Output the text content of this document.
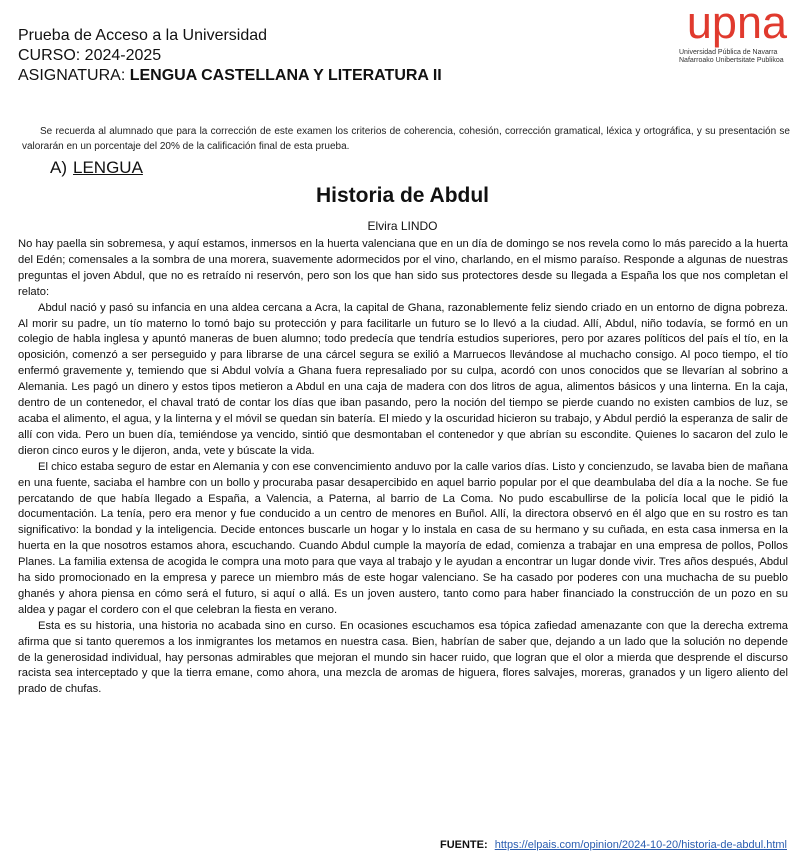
Prueba de Acceso a la Universidad
CURSO: 2024-2025
ASIGNATURA: LENGUA CASTELLANA Y LITERATURA II
upna
Universidad Pública de Navarra
Nafarroako Unibertsitate Publikoa
Se recuerda al alumnado que para la corrección de este examen los criterios de coherencia, cohesión, corrección gramatical, léxica y ortográfica, y su presentación se valorarán en un porcentaje del 20% de la calificación final de esta prueba.
A) LENGUA
Historia de Abdul
Elvira LINDO

No hay paella sin sobremesa, y aquí estamos, inmersos en la huerta valenciana que en un día de domingo se nos revela como lo más parecido a la huerta del Edén; comensales a la sombra de una morera, suavemente adormecidos por el vino, charlando, en el mismo paraíso. Responde a algunas de nuestras preguntas el joven Abdul, que no es retraído ni reservón, pero son los que han sido sus protectores desde su llegada a España los que nos completan el relato:

Abdul nació y pasó su infancia en una aldea cercana a Acra, la capital de Ghana, razonablemente feliz siendo criado en un entorno de digna pobreza. Al morir su padre, un tío materno lo tomó bajo su protección y para facilitarle un futuro se lo llevó a la ciudad. Allí, Abdul, niño todavía, se formó en un colegio de habla inglesa y apuntó maneras de buen alumno; todo predecía que tendría estudios superiores, pero por azares políticos del país el tío, en la oposición, comenzó a ser perseguido y para librarse de una cárcel segura se exilió a Marruecos llevándose al muchacho consigo. Al poco tiempo, el tío enfermó gravemente y, temiendo que si Abdul volvía a Ghana fuera represaliado por su culpa, acordó con unos conocidos que se llevarían al sobrino a Alemania. Les pagó un dinero y estos tipos metieron a Abdul en una caja de madera con dos litros de agua, alimentos básicos y una linterna. En la caja, dentro de un contenedor, el chaval trató de contar los días que iban pasando, pero la noción del tiempo se pierde cuando no existen cambios de luz, se acaba el alimento, el agua, y la linterna y el móvil se quedan sin batería. El miedo y la oscuridad hicieron su trabajo, y Abdul perdió la esperanza de salir de allí con vida. Pero un buen día, temiéndose ya vencido, sintió que desmontaban el contenedor y que abrían su escondite. Quienes lo sacaron del zulo le dieron cinco euros y le dijeron, anda, vete y búscate la vida.

El chico estaba seguro de estar en Alemania y con ese convencimiento anduvo por la calle varios días. Listo y concienzudo, se lavaba bien de mañana en una fuente, saciaba el hambre con un bollo y procuraba pasar desapercibido en aquel barrio popular por el que deambulaba del día a la noche. Se fue percatando de que había llegado a España, a Valencia, a Paterna, al barrio de La Coma. No pudo escabullirse de la policía local que le pidió la documentación. La tenía, pero era menor y fue conducido a un centro de menores en Buñol. Allí, la directora observó en él algo que en su rostro es tan significativo: la bondad y la inteligencia. Decide entonces buscarle un hogar y lo instala en casa de su hermano y su cuñada, en esta casa inmersa en la huerta en la que nosotros estamos ahora, escuchando. Cuando Abdul cumple la mayoría de edad, comienza a trabajar en una empresa de pollos, Pollos Planes. La familia extensa de acogida le compra una moto para que vaya al trabajo y le ayudan a encontrar un lugar donde vivir. Tres años después, Abdul ha sido promocionado en la empresa y parece un miembro más de este hogar valenciano. Se ha casado por poderes con una muchacha de su pueblo ghanés y ahora piensa en cómo será el futuro, si aquí o allá. Es un joven austero, tanto como para haber financiado la construcción de un pozo en su aldea y pagar el cordero con el que celebran la fiesta en verano.

Esta es su historia, una historia no acabada sino en curso. En ocasiones escuchamos esa tópica zafiedad amenazante con que la derecha extrema afirma que si tanto queremos a los inmigrantes los metamos en nuestra casa. Bien, habrían de saber que, dejando a un lado que la solución no depende de la generosidad individual, hay personas admirables que mejoran el mundo sin hacer ruido, que logran que el olor a mierda que desprende el discurso racista sea interceptado y que la tierra emane, como ahora, una mezcla de aromas de higuera, flores salvajes, moreras, granados y un ligero aliento del prado de chufas.

FUENTE: https://elpais.com/opinion/2024-10-20/historia-de-abdul.html
